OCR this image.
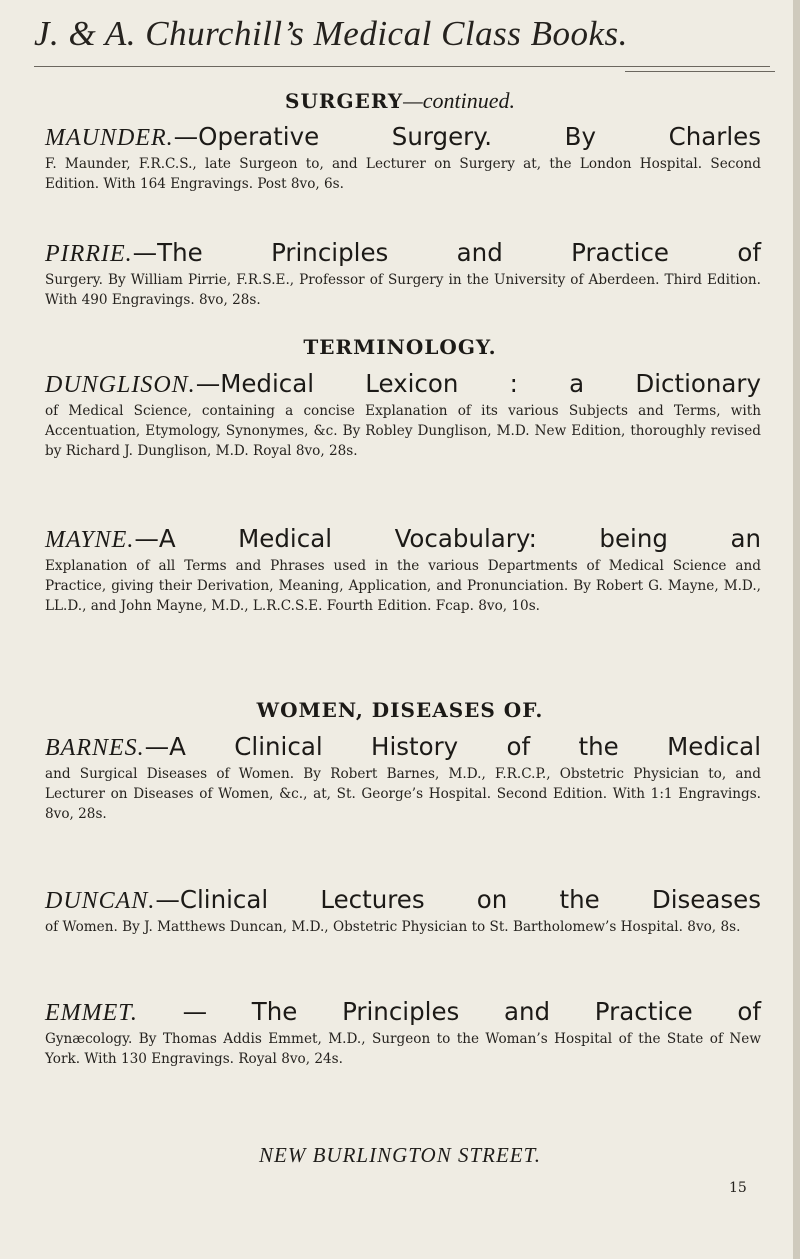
J. & A. Churchill’s Medical Class Books.
SURGERY—continued.
MAUNDER.—Operative Surgery. By Charles
F. Maunder, F.R.C.S., late Surgeon to, and Lecturer on Surgery at, the London Hospital. Second Edition. With 164 Engravings. Post 8vo, 6s.
PIRRIE.—The Principles and Practice of
Surgery. By William Pirrie, F.R.S.E., Professor of Surgery in the University of Aberdeen. Third Edition. With 490 Engravings. 8vo, 28s.
TERMINOLOGY.
DUNGLISON.—Medical Lexicon : a Dictionary
of Medical Science, containing a concise Explanation of its various Subjects and Terms, with Accentuation, Etymology, Synonymes, &c. By Robley Dunglison, M.D. New Edition, thoroughly revised by Richard J. Dunglison, M.D. Royal 8vo, 28s.
MAYNE.—A Medical Vocabulary: being an
Explanation of all Terms and Phrases used in the various Departments of Medical Science and Practice, giving their Derivation, Meaning, Application, and Pronunciation. By Robert G. Mayne, M.D., LL.D., and John Mayne, M.D., L.R.C.S.E. Fourth Edition. Fcap. 8vo, 10s.
WOMEN, DISEASES OF.
BARNES.—A Clinical History of the Medical
and Surgical Diseases of Women. By Robert Barnes, M.D., F.R.C.P., Obstetric Physician to, and Lecturer on Diseases of Women, &c., at, St. George’s Hospital. Second Edition. With 1:1 Engravings. 8vo, 28s.
DUNCAN.—Clinical Lectures on the Diseases
of Women. By J. Matthews Duncan, M.D., Obstetric Physician to St. Bartholomew’s Hospital. 8vo, 8s.
EMMET. — The Principles and Practice of
Gynæcology. By Thomas Addis Emmet, M.D., Surgeon to the Woman’s Hospital of the State of New York. With 130 Engravings. Royal 8vo, 24s.
NEW BURLINGTON STREET.
15
